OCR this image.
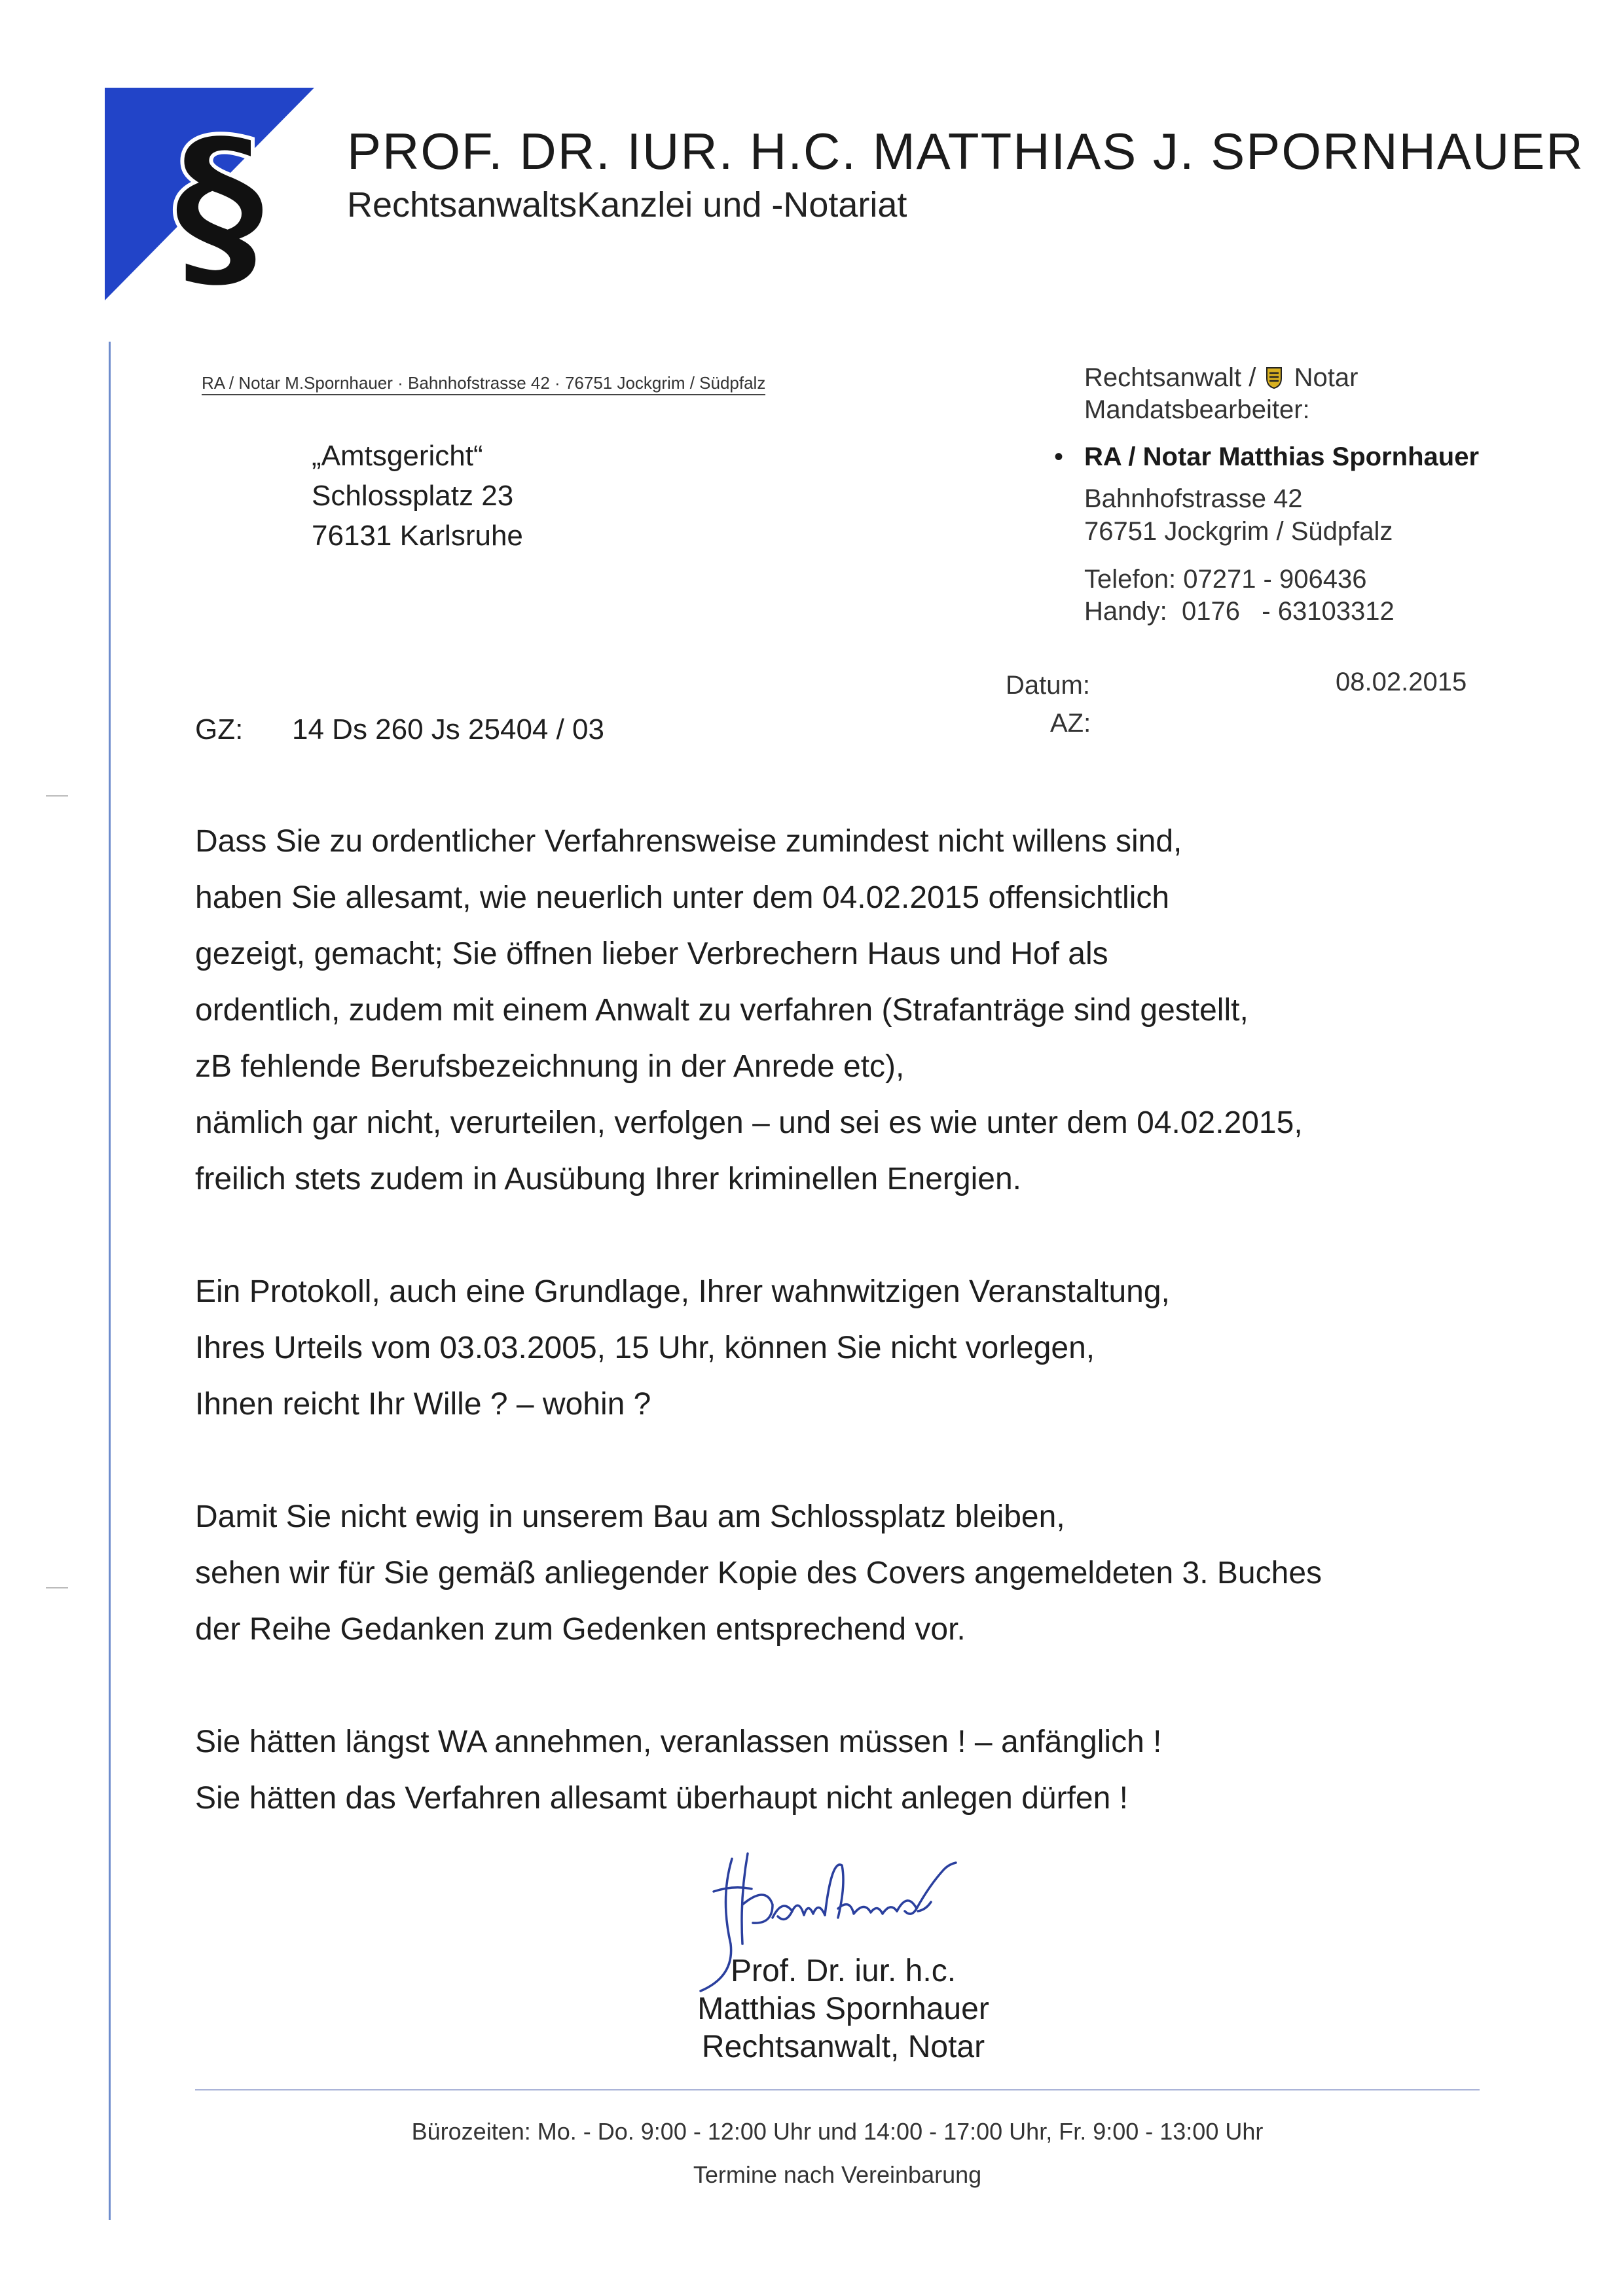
§ PROF. DR. IUR. H.C. MATTHIAS J. SPORNHAUER
RechtsanwaltsKanzlei und -Notariat
RA / Notar M.Spornhauer · Bahnhofstrasse 42 · 76751 Jockgrim / Südpfalz
„Amtsgericht“
Schlossplatz 23
76131 Karlsruhe
Rechtsanwalt / Notar
Mandatsbearbeiter:
• RA / Notar Matthias Spornhauer
Bahnhofstrasse 42
76751 Jockgrim / Südpfalz
Telefon: 07271 - 906436
Handy:  0176   - 63103312
Datum:	08.02.2015
AZ:
GZ: 14 Ds 260 Js 25404 / 03
Dass Sie zu ordentlicher Verfahrensweise zumindest nicht willens sind,
haben Sie allesamt, wie neuerlich unter dem 04.02.2015 offensichtlich
gezeigt, gemacht; Sie öffnen lieber Verbrechern Haus und Hof als
ordentlich, zudem mit einem Anwalt zu verfahren (Strafanträge sind gestellt,
zB fehlende Berufsbezeichnung in der Anrede etc),
nämlich gar nicht, verurteilen, verfolgen – und sei es wie unter dem 04.02.2015,
freilich stets zudem in Ausübung Ihrer kriminellen Energien.
Ein Protokoll, auch eine Grundlage, Ihrer wahnwitzigen Veranstaltung,
Ihres Urteils vom 03.03.2005, 15 Uhr, können Sie nicht vorlegen,
Ihnen reicht Ihr Wille ? – wohin ?
Damit Sie nicht ewig in unserem Bau am Schlossplatz bleiben,
sehen wir für Sie gemäß anliegender Kopie des Covers angemeldeten 3. Buches
der Reihe Gedanken zum Gedenken entsprechend vor.
Sie hätten längst WA annehmen, veranlassen müssen ! – anfänglich !
Sie hätten das Verfahren allesamt überhaupt nicht anlegen dürfen !
Prof. Dr. iur. h.c.
Matthias Spornhauer
Rechtsanwalt, Notar
Bürozeiten: Mo. - Do. 9:00 - 12:00 Uhr und 14:00 - 17:00 Uhr, Fr. 9:00 - 13:00 Uhr
Termine nach Vereinbarung
